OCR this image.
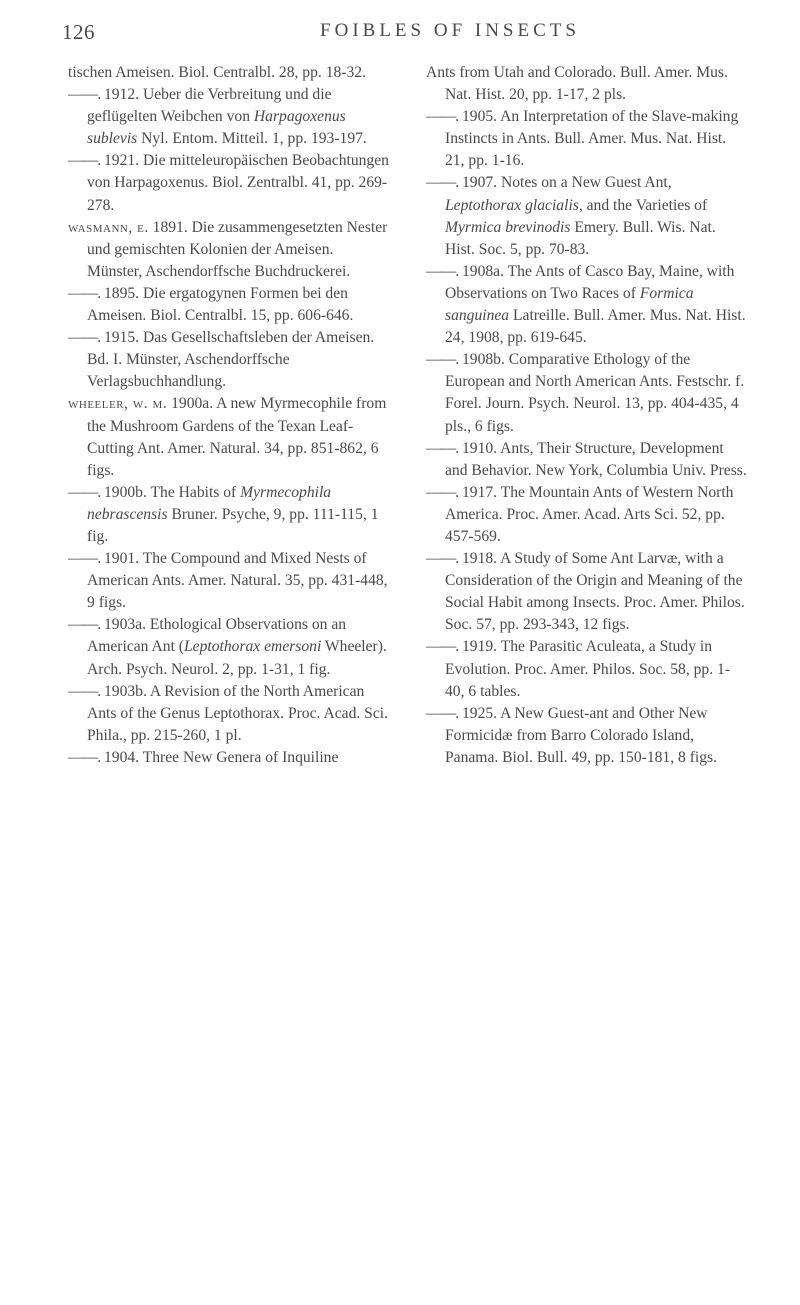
126	FOIBLES OF INSECTS

tischen Ameisen. Biol. Centralbl. 28, pp. 18-32.

——. 1912. Ueber die Verbreitung und die geflügelten Weibchen von Harpagoxenus sublevis Nyl. Entom. Mitteil. 1, pp. 193-197.

——. 1921. Die mitteleuropäischen Beobachtungen von Harpagoxenus. Biol. Zentralbl. 41, pp. 269-278.

wasmann, e. 1891. Die zusammengesetzten Nester und gemischten Kolonien der Ameisen. Münster, Aschendorffsche Buchdruckerei.

——. 1895. Die ergatogynen Formen bei den Ameisen. Biol. Centralbl. 15, pp. 606-646.

——. 1915. Das Gesellschaftsleben der Ameisen. Bd. I. Münster, Aschendorffsche Verlagsbuchhandlung.

wheeler, w. m. 1900a. A new Myrmecophile from the Mushroom Gardens of the Texan Leaf-Cutting Ant. Amer. Natural. 34, pp. 851-862, 6 figs.

——. 1900b. The Habits of Myrmecophila nebrascensis Bruner. Psyche, 9, pp. 111-115, 1 fig.

——. 1901. The Compound and Mixed Nests of American Ants. Amer. Natural. 35, pp. 431-448, 9 figs.

——. 1903a. Ethological Observations on an American Ant (Leptothorax emersoni Wheeler). Arch. Psych. Neurol. 2, pp. 1-31, 1 fig.

——. 1903b. A Revision of the North American Ants of the Genus Leptothorax. Proc. Acad. Sci. Phila., pp. 215-260, 1 pl.

——. 1904. Three New Genera of Inquiline

Ants from Utah and Colorado. Bull. Amer. Mus. Nat. Hist. 20, pp. 1-17, 2 pls.

——. 1905. An Interpretation of the Slave-making Instincts in Ants. Bull. Amer. Mus. Nat. Hist. 21, pp. 1-16.

——. 1907. Notes on a New Guest Ant, Leptothorax glacialis, and the Varieties of Myrmica brevinodis Emery. Bull. Wis. Nat. Hist. Soc. 5, pp. 70-83.

——. 1908a. The Ants of Casco Bay, Maine, with Observations on Two Races of Formica sanguinea Latreille. Bull. Amer. Mus. Nat. Hist. 24, 1908, pp. 619-645.

——. 1908b. Comparative Ethology of the European and North American Ants. Festschr. f. Forel. Journ. Psych. Neurol. 13, pp. 404-435, 4 pls., 6 figs.

——. 1910. Ants, Their Structure, Development and Behavior. New York, Columbia Univ. Press.

——. 1917. The Mountain Ants of Western North America. Proc. Amer. Acad. Arts Sci. 52, pp. 457-569.

——. 1918. A Study of Some Ant Larvæ, with a Consideration of the Origin and Meaning of the Social Habit among Insects. Proc. Amer. Philos. Soc. 57, pp. 293-343, 12 figs.

——. 1919. The Parasitic Aculeata, a Study in Evolution. Proc. Amer. Philos. Soc. 58, pp. 1-40, 6 tables.

——. 1925. A New Guest-ant and Other New Formicidæ from Barro Colorado Island, Panama. Biol. Bull. 49, pp. 150-181, 8 figs.
